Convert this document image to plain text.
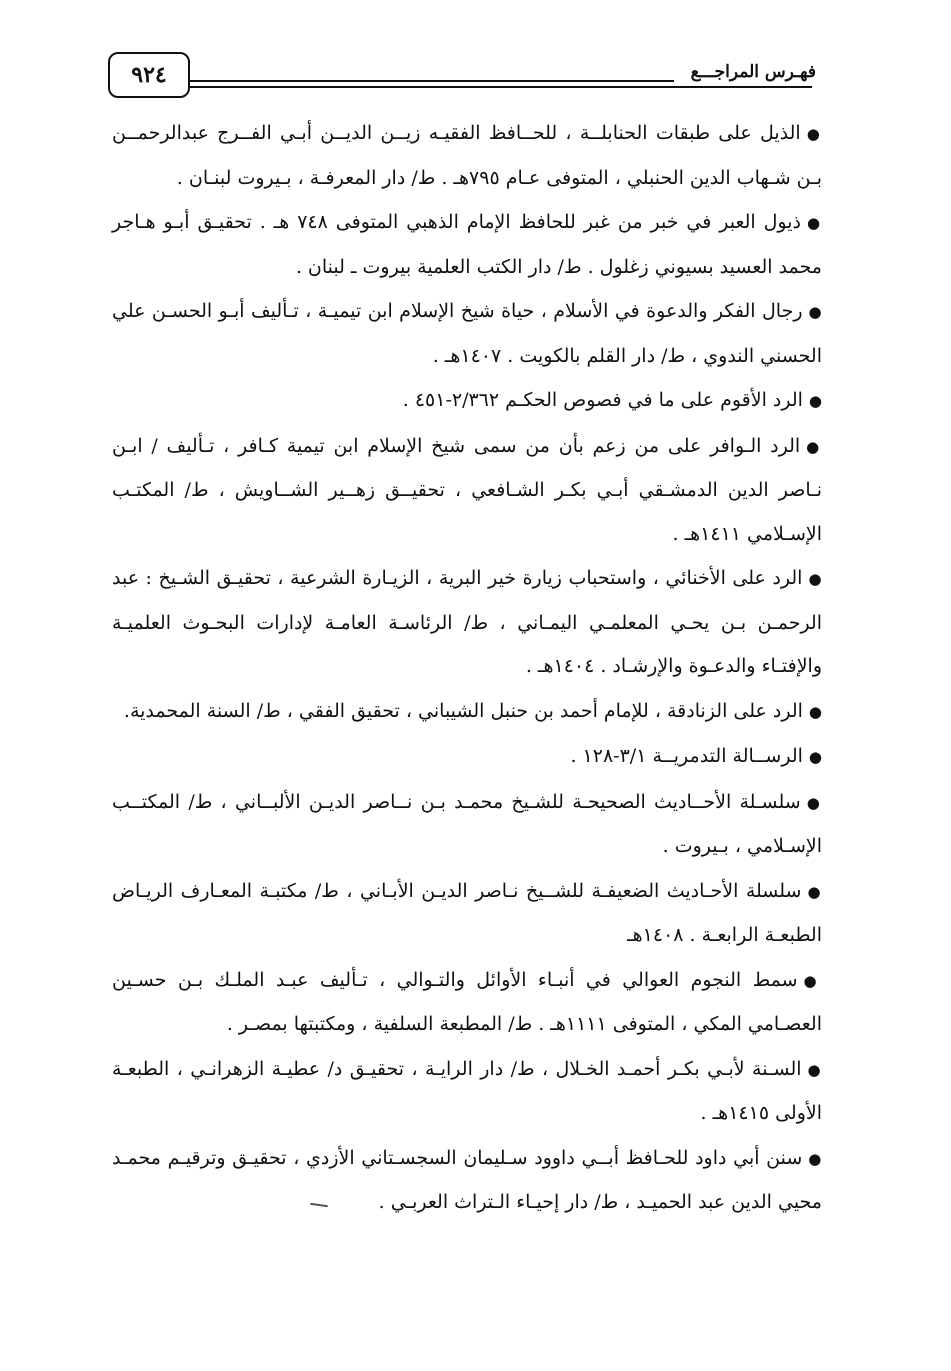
٩٢٤	فهـرس المراجـــع
●الذيل على طبقات الحنابلــة ، للحــافظ الفقيـه زيــن الديــن أبـي الفــرج عبدالرحمــن بـن شـهاب الدين الحنبلي ، المتوفى عـام ٧٩٥هـ . ط/ دار المعرفـة ، بـيروت لبنـان .
●ذيول العبر في خبر من غبر للحافظ الإمام الذهبي المتوفى ٧٤٨ هـ . تحقيـق أبـو هـاجر محمد العسيد بسيوني زغلول . ط/ دار الكتب العلمية بيروت ـ لبنان .
●رجال الفكر والدعوة في الأسلام ، حياة شيخ الإسلام ابن تيميـة ، تـأليف أبـو الحسـن علي الحسني الندوي ، ط/ دار القلم بالكويت . ١٤٠٧هـ .
●الرد الأقوم على ما في فصوص الحكـم ٢/٣٦٢-٤٥١ .
●الرد الـوافر على من زعم بأن من سمى شيخ الإسلام ابن تيمية كـافر ، تـأليف / ابـن نـاصر الدين الدمشـقي أبـي بكـر الشـافعي ، تحقيــق زهــير الشــاويش ، ط/ المكتـب الإسـلامي ١٤١١هـ .
●الرد على الأخنائي ، واستحباب زيارة خير البرية ، الزيـارة الشرعية ، تحقيـق الشـيخ : عبد الرحمـن بـن يحـي المعلمـي اليمـاني ، ط/ الرئاسـة العامـة لإدارات البحـوث العلميـة والإفتـاء والدعـوة والإرشـاد . ١٤٠٤هـ .
●الرد على الزنادقة ، للإمام أحمد بن حنبل الشيباني ، تحقيق الفقي ، ط/ السنة المحمدية.
●الرســالة التدمريــة ٣/١-١٢٨ .
●سلسـلة الأحــاديث الصحيحـة للشـيخ محمـد بـن نــاصر الديـن الألبــاني ، ط/ المكتــب الإسـلامي ، بـيروت .
●سلسلة الأحـاديث الضعيفـة للشــيخ نـاصر الديـن الأبـاني ، ط/ مكتبـة المعـارف الريـاض الطبعـة الرابعـة . ١٤٠٨هـ
●سمط النجوم العوالي في أنبـاء الأوائل والتـوالي ، تـأليف عبـد الملـك بـن حسـين العصـامي المكي ، المتوفى ١١١١هـ . ط/ المطبعة السلفية ، ومكتبتها بمصـر .
●السـنة لأبـي بكـر أحمـد الخـلال ، ط/ دار الرايـة ، تحقيـق د/ عطيـة الزهرانـي ، الطبعـة الأولى ١٤١٥هـ .
●سنن أبي داود للحـافظ أبــي داوود سـليمان السجسـتاني الأزدي ، تحقيـق وترقيـم محمـد محيي الدين عبد الحميـد ، ط/ دار إحيـاء الـتراث العربـي .
